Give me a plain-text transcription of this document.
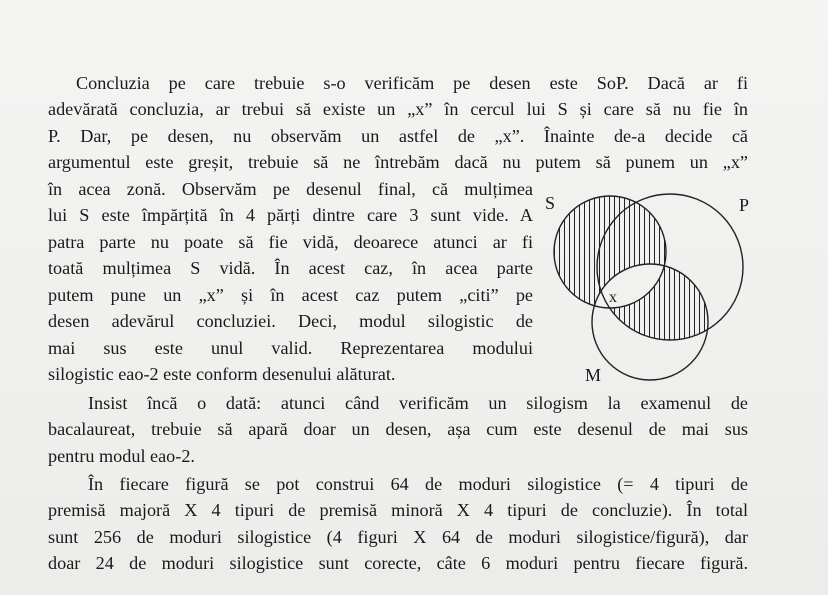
Concluzia pe care trebuie s-o verificăm pe desen este SoP. Dacă ar fi
adevărată concluzia, ar trebui să existe un „x” în cercul lui S și care să nu fie în
P. Dar, pe desen, nu observăm un astfel de „x”. Înainte de-a decide că
argumentul este greșit, trebuie să ne întrebăm dacă nu putem să punem un „x”
în acea zonă. Observăm pe desenul final, că mulțimea
lui S este împărțită în 4 părți dintre care 3 sunt vide. A
patra parte nu poate să fie vidă, deoarece atunci ar fi
toată mulțimea S vidă. În acest caz, în acea parte
putem pune un „x” și în acest caz putem „citi” pe
desen adevărul concluziei. Deci, modul silogistic de
mai sus este unul valid. Reprezentarea modului
silogistic eao-2 este conform desenului alăturat.
Insist încă o dată: atunci când verificăm un silogism la examenul de
bacalaureat, trebuie să apară doar un desen, așa cum este desenul de mai sus
pentru modul eao-2.
În fiecare figură se pot construi 64 de moduri silogistice (= 4 tipuri de
premisă majoră X 4 tipuri de premisă minoră X 4 tipuri de concluzie). În total
sunt 256 de moduri silogistice (4 figuri X 64 de moduri silogistice/figură), dar
doar 24 de moduri silogistice sunt corecte, câte 6 moduri pentru fiecare figură.
S	P
M
x
